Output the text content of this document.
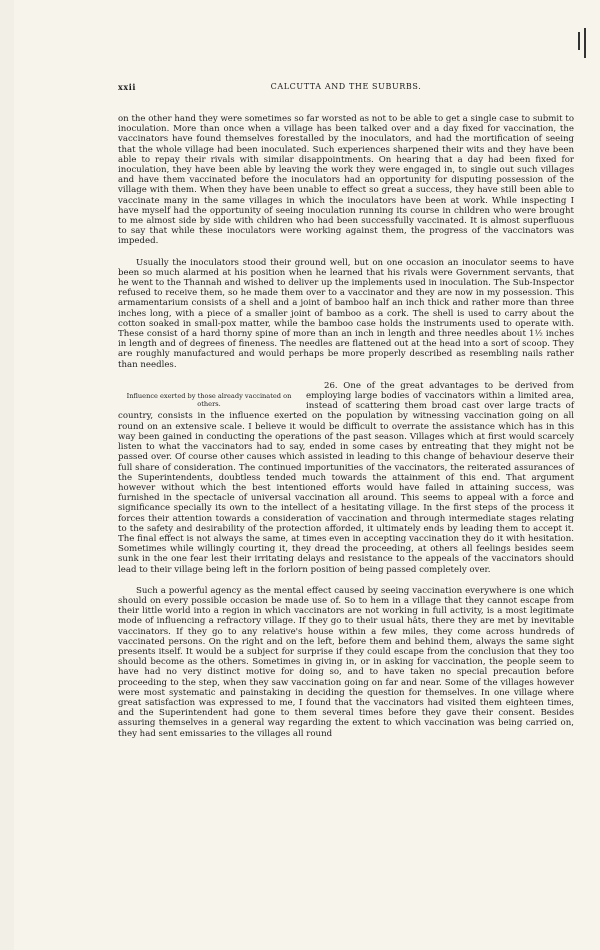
xxii	CALCUTTA AND THE SUBURBS.

on the other hand they were sometimes so far worsted as not to be able to get a single case to submit to inoculation. More than once when a village has been talked over and a day fixed for vaccination, the vaccinators have found themselves forestalled by the inoculators, and had the mortification of seeing that the whole village had been inoculated. Such experiences sharpened their wits and they have been able to repay their rivals with similar disappointments. On hearing that a day had been fixed for inoculation, they have been able by leaving the work they were engaged in, to single out such villages and have them vaccinated before the inoculators had an opportunity for disputing possession of the village with them. When they have been unable to effect so great a success, they have still been able to vaccinate many in the same villages in which the inoculators have been at work. While inspecting I have myself had the opportunity of seeing inoculation running its course in children who were brought to me almost side by side with children who had been successfully vaccinated. It is almost superfluous to say that while these inoculators were working against them, the progress of the vaccinators was impeded.

Usually the inoculators stood their ground well, but on one occasion an inoculator seems to have been so much alarmed at his position when he learned that his rivals were Government servants, that he went to the Thannah and wished to deliver up the implements used in inoculation. The Sub-Inspector refused to receive them, so he made them over to a vaccinator and they are now in my possession. This armamentarium consists of a shell and a joint of bamboo half an inch thick and rather more than three inches long, with a piece of a smaller joint of bamboo as a cork. The shell is used to carry about the cotton soaked in small-pox matter, while the bamboo case holds the instruments used to operate with. These consist of a hard thorny spine of more than an inch in length and three needles about 1½ inches in length and of degrees of fineness. The needles are flattened out at the head into a sort of scoop. They are roughly manufactured and would perhaps be more properly described as resembling nails rather than needles.

Influence exerted by those already vaccinated on others.

26. One of the great advantages to be derived from employing large bodies of vaccinators within a limited area, instead of scattering them broad cast over large tracts of country, consists in the influence exerted on the population by witnessing vaccination going on all round on an extensive scale. I believe it would be difficult to overrate the assistance which has in this way been gained in conducting the operations of the past season. Villages which at first would scarcely listen to what the vaccinators had to say, ended in some cases by entreating that they might not be passed over. Of course other causes which assisted in leading to this change of behaviour deserve their full share of consideration. The continued importunities of the vaccinators, the reiterated assurances of the Superintendents, doubtless tended much towards the attainment of this end. That argument however without which the best intentioned efforts would have failed in attaining success, was furnished in the spectacle of universal vaccination all around. This seems to appeal with a force and significance specially its own to the intellect of a hesitating village. In the first steps of the process it forces their attention towards a consideration of vaccination and through intermediate stages relating to the safety and desirability of the protection afforded, it ultimately ends by leading them to accept it. The final effect is not always the same, at times even in accepting vaccination they do it with hesitation. Sometimes while willingly courting it, they dread the proceeding, at others all feelings besides seem sunk in the one fear lest their irritating delays and resistance to the appeals of the vaccinators should lead to their village being left in the forlorn position of being passed completely over.

Such a powerful agency as the mental effect caused by seeing vaccination everywhere is one which should on every possible occasion be made use of. So to hem in a village that they cannot escape from their little world into a region in which vaccinators are not working in full activity, is a most legitimate mode of influencing a refractory village. If they go to their usual hâts, there they are met by inevitable vaccinators. If they go to any relative's house within a few miles, they come across hundreds of vaccinated persons. On the right and on the left, before them and behind them, always the same sight presents itself. It would be a subject for surprise if they could escape from the conclusion that they too should become as the others. Sometimes in giving in, or in asking for vaccination, the people seem to have had no very distinct motive for doing so, and to have taken no special precaution before proceeding to the step, when they saw vaccination going on far and near. Some of the villages however were most systematic and painstaking in deciding the question for themselves. In one village where great satisfaction was expressed to me, I found that the vaccinators had visited them eighteen times, and the Superintendent had gone to them several times before they gave their consent. Besides assuring themselves in a general way regarding the extent to which vaccination was being carried on, they had sent emissaries to the villages all round
